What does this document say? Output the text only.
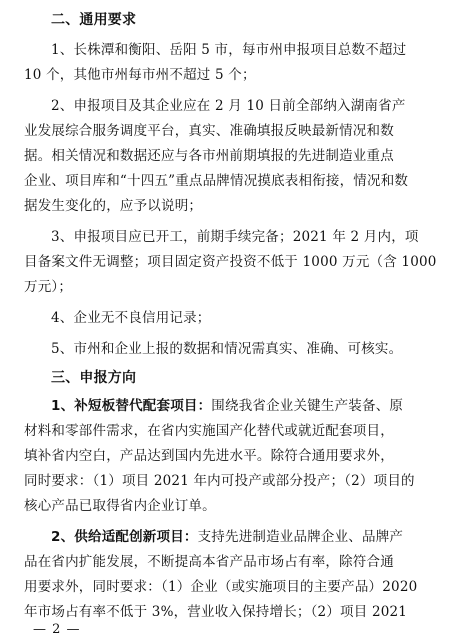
二、通用要求
1、长株潭和衡阳、岳阳 5 市，每市州申报项目总数不超过
10 个，其他市州每市州不超过 5 个；
2、申报项目及其企业应在 2 月 10 日前全部纳入湖南省产
业发展综合服务调度平台，真实、准确填报反映最新情况和数
据。相关情况和数据还应与各市州前期填报的先进制造业重点
企业、项目库和“十四五”重点品牌情况摸底表相衔接，情况和数
据发生变化的，应予以说明；
3、申报项目应已开工，前期手续完备；2021 年 2 月内，项
目备案文件无调整；项目固定资产投资不低于 1000 万元（含 1000
万元）；
4、企业无不良信用记录；
5、市州和企业上报的数据和情况需真实、准确、可核实。
三、申报方向
1、补短板替代配套项目：围绕我省企业关键生产装备、原
材料和零部件需求，在省内实施国产化替代或就近配套项目，
填补省内空白，产品达到国内先进水平。除符合通用要求外，
同时要求：（1）项目 2021 年内可投产或部分投产；（2）项目的
核心产品已取得省内企业订单。
2、供给适配创新项目：支持先进制造业品牌企业、品牌产
品在省内扩能发展，不断提高本省产品市场占有率，除符合通
用要求外，同时要求：（1）企业（或实施项目的主要产品）2020
年市场占有率不低于 3%，营业收入保持增长；（2）项目 2021
— 2 —
